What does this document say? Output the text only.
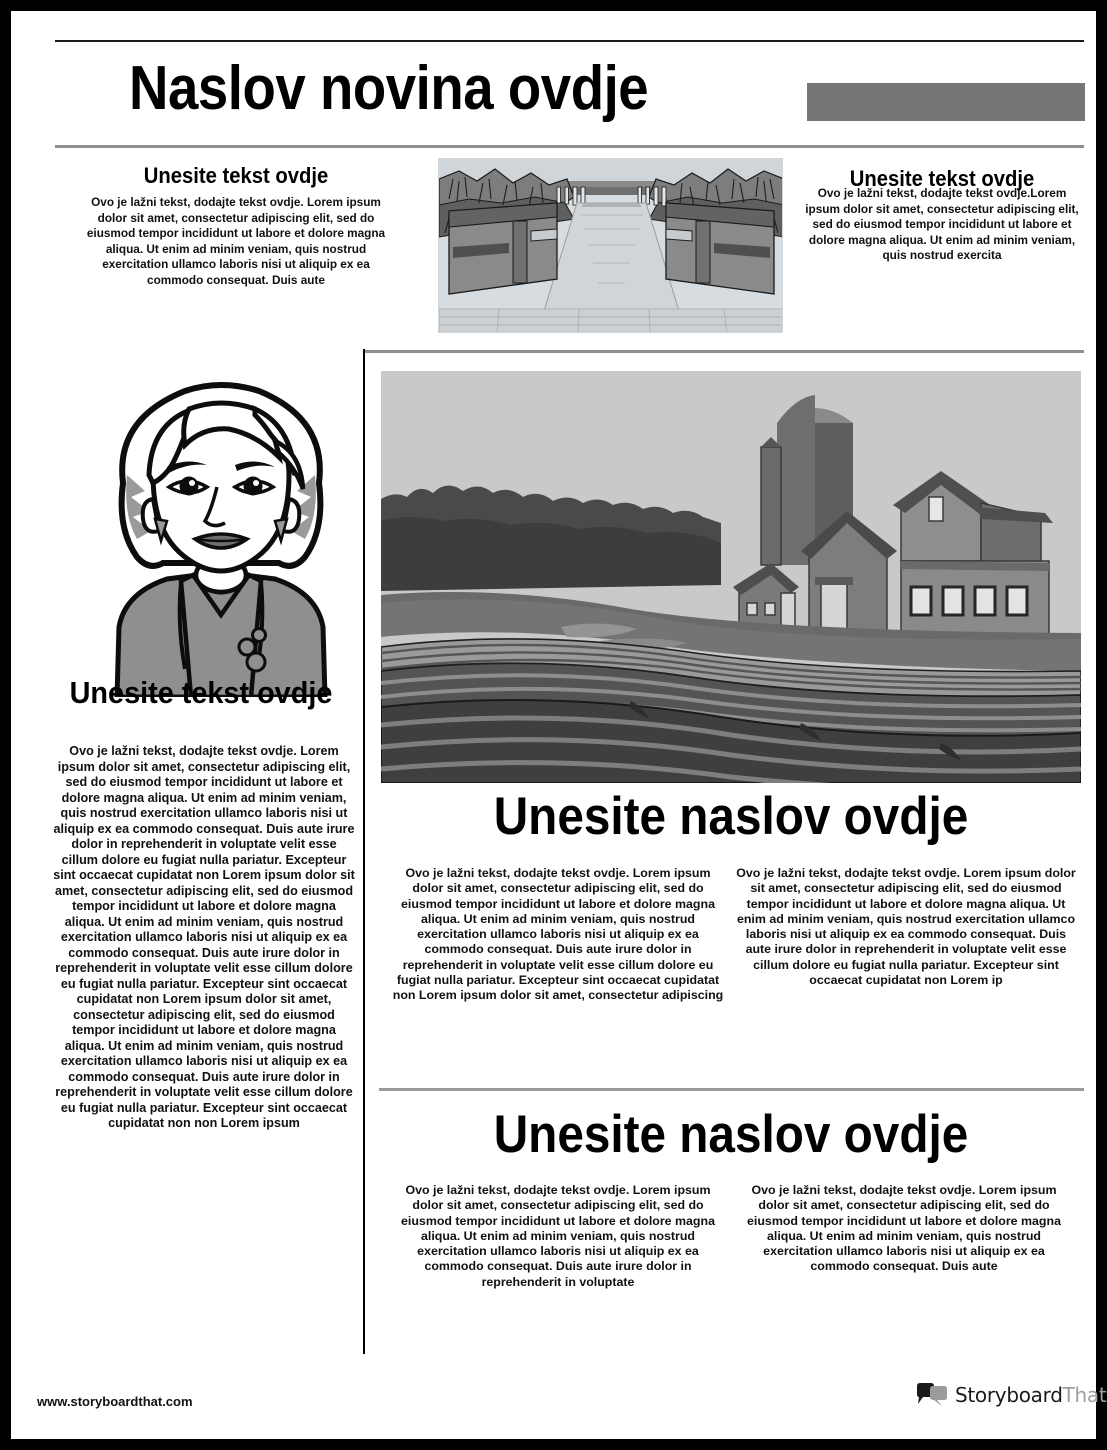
Naslov novina ovdje
Unesite tekst ovdje
Ovo je lažni tekst, dodajte tekst ovdje. Lorem ipsum dolor sit amet, consectetur adipiscing elit, sed do eiusmod tempor incididunt ut labore et dolore magna aliqua. Ut enim ad minim veniam, quis nostrud exercitation ullamco laboris nisi ut aliquip ex ea commodo consequat. Duis aute
Unesite tekst ovdje
Ovo je lažni tekst, dodajte tekst ovdje.Lorem ipsum dolor sit amet, consectetur adipiscing elit, sed do eiusmod tempor incididunt ut labore et dolore magna aliqua. Ut enim ad minim veniam, quis nostrud exercita
Unesite tekst ovdje
Ovo je lažni tekst, dodajte tekst ovdje. Lorem ipsum dolor sit amet, consectetur adipiscing elit, sed do eiusmod tempor incididunt ut labore et dolore magna aliqua. Ut enim ad minim veniam, quis nostrud exercitation ullamco laboris nisi ut aliquip ex ea commodo consequat. Duis aute irure dolor in reprehenderit in voluptate velit esse cillum dolore eu fugiat nulla pariatur. Excepteur sint occaecat cupidatat non Lorem ipsum dolor sit amet, consectetur adipiscing elit, sed do eiusmod tempor incididunt ut labore et dolore magna aliqua. Ut enim ad minim veniam, quis nostrud exercitation ullamco laboris nisi ut aliquip ex ea commodo consequat. Duis aute irure dolor in reprehenderit in voluptate velit esse cillum dolore eu fugiat nulla pariatur. Excepteur sint occaecat cupidatat non Lorem ipsum dolor sit amet, consectetur adipiscing elit, sed do eiusmod tempor incididunt ut labore et dolore magna aliqua. Ut enim ad minim veniam, quis nostrud exercitation ullamco laboris nisi ut aliquip ex ea commodo consequat. Duis aute irure dolor in reprehenderit in voluptate velit esse cillum dolore eu fugiat nulla pariatur. Excepteur sint occaecat cupidatat non non Lorem ipsum
Unesite naslov ovdje
Ovo je lažni tekst, dodajte tekst ovdje. Lorem ipsum dolor sit amet, consectetur adipiscing elit, sed do eiusmod tempor incididunt ut labore et dolore magna aliqua. Ut enim ad minim veniam, quis nostrud exercitation ullamco laboris nisi ut aliquip ex ea commodo consequat. Duis aute irure dolor in reprehenderit in voluptate velit esse cillum dolore eu fugiat nulla pariatur. Excepteur sint occaecat cupidatat non Lorem ipsum dolor sit amet, consectetur adipiscing
Ovo je lažni tekst, dodajte tekst ovdje. Lorem ipsum dolor sit amet, consectetur adipiscing elit, sed do eiusmod tempor incididunt ut labore et dolore magna aliqua. Ut enim ad minim veniam, quis nostrud exercitation ullamco laboris nisi ut aliquip ex ea commodo consequat. Duis aute irure dolor in reprehenderit in voluptate velit esse cillum dolore eu fugiat nulla pariatur. Excepteur sint occaecat cupidatat non Lorem ip
Unesite naslov ovdje
Ovo je lažni tekst, dodajte tekst ovdje. Lorem ipsum dolor sit amet, consectetur adipiscing elit, sed do eiusmod tempor incididunt ut labore et dolore magna aliqua. Ut enim ad minim veniam, quis nostrud exercitation ullamco laboris nisi ut aliquip ex ea commodo consequat. Duis aute irure dolor in reprehenderit in voluptate
Ovo je lažni tekst, dodajte tekst ovdje. Lorem ipsum dolor sit amet, consectetur adipiscing elit, sed do eiusmod tempor incididunt ut labore et dolore magna aliqua. Ut enim ad minim veniam, quis nostrud exercitation ullamco laboris nisi ut aliquip ex ea commodo consequat. Duis aute
www.storyboardthat.com	StoryboardThat
